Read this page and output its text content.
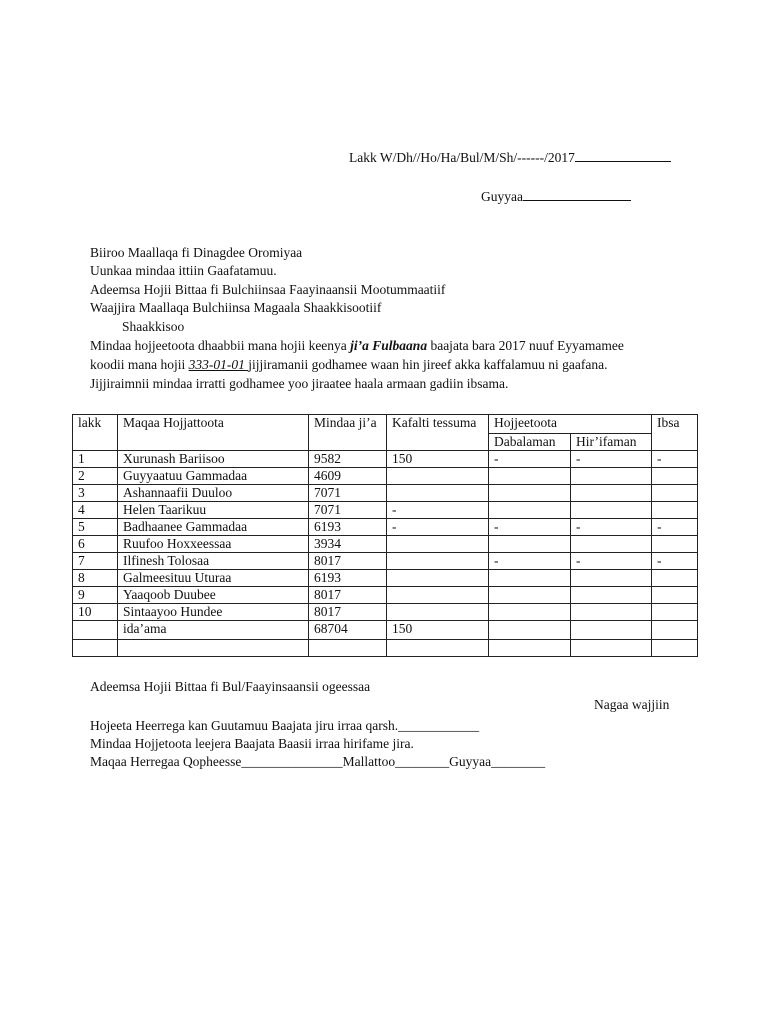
Lakk W/Dh//Ho/Ha/Bul/M/Sh/------/2017
Guyyaa
Biiroo Maallaqa fi Dinagdee Oromiyaa
Uunkaa mindaa ittiin Gaafatamuu.
Adeemsa Hojii Bittaa fi Bulchiinsaa Faayinaansii Mootummaatiif
Waajjira Maallaqa Bulchiinsa Magaala Shaakkisootiif
Shaakkisoo
Mindaa hojjeetoota dhaabbii mana hojii keenya ji’a Fulbaana baajata bara 2017 nuuf Eyyamamee
koodii mana hojii 333-01-01 jijjiramanii godhamee waan hin jireef akka kaffalamuu ni gaafana.
Jijjiraimnii mindaa irratti godhamee yoo jiraatee haala armaan gadiin ibsama.
lakk	Maqaa Hojjattoota	Mindaa ji’a	Kafalti tessuma	Hojjeetoota		Ibsa
				Dabalaman	Hir’ifaman	
1	Xurunash Bariisoo	9582	150	-	-	-
2	Guyyaatuu Gammadaa	4609				
3	Ashannaafii Duuloo	7071				
4	Helen Taarikuu	7071	-			
5	Badhaanee Gammadaa	6193	-	-	-	-
6	Ruufoo Hoxxeessaa	3934				
7	Ilfinesh Tolosaa	8017		-	-	-
8	Galmeesituu Uturaa	6193				
9	Yaaqoob Duubee	8017				
10	Sintaayoo Hundee	8017				
	ida’ama	68704	150			

Adeemsa Hojii Bittaa fi Bul/Faayinsaansii ogeessaa
Nagaa wajjiin
Hojeeta Heerrega kan Guutamuu Baajata jiru irraa qarsh.____________
Mindaa Hojjetoota leejera Baajata Baasii irraa hirifame jira.
Maqaa Herregaa Qopheesse_______________Mallattoo________Guyyaa________
